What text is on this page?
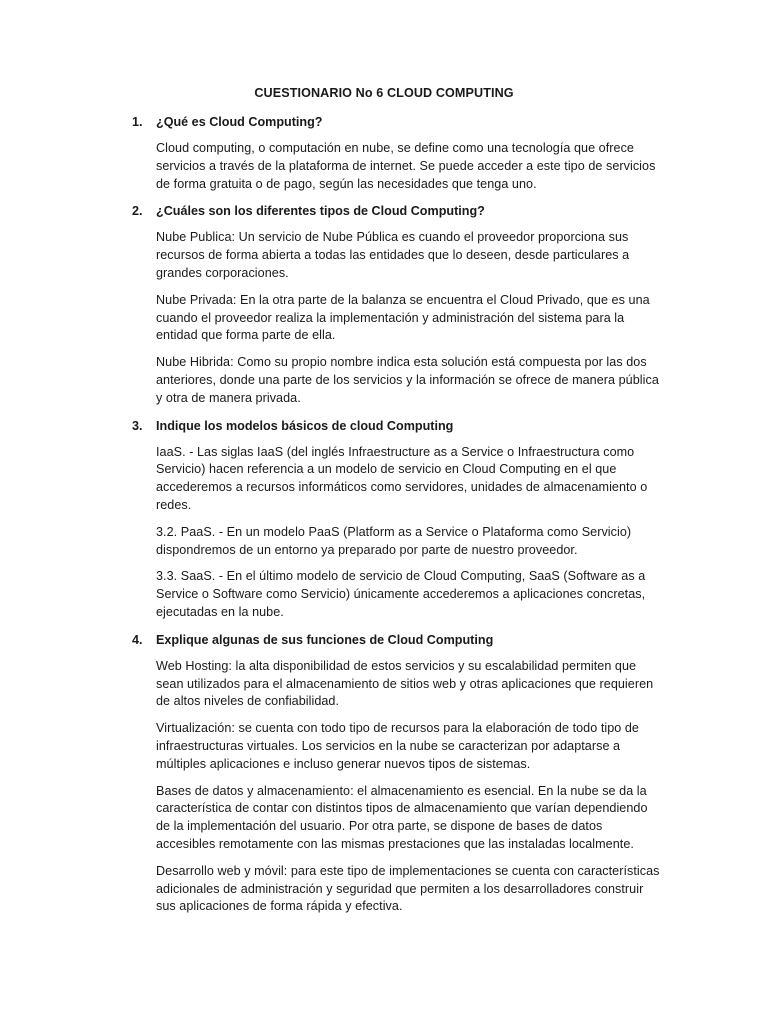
CUESTIONARIO No 6 CLOUD COMPUTING
1. ¿Qué es Cloud Computing?

Cloud computing, o computación en nube, se define como una tecnología que ofrece servicios a través de la plataforma de internet. Se puede acceder a este tipo de servicios de forma gratuita o de pago, según las necesidades que tenga uno.

2. ¿Cuáles son los diferentes tipos de Cloud Computing?

Nube Publica: Un servicio de Nube Pública es cuando el proveedor proporciona sus recursos de forma abierta a todas las entidades que lo deseen, desde particulares a grandes corporaciones.

Nube Privada: En la otra parte de la balanza se encuentra el Cloud Privado, que es una cuando el proveedor realiza la implementación y administración del sistema para la entidad que forma parte de ella.

Nube Hibrida: Como su propio nombre indica esta solución está compuesta por las dos anteriores, donde una parte de los servicios y la información se ofrece de manera pública y otra de manera privada.

3. Indique los modelos básicos de cloud Computing

IaaS. - Las siglas IaaS (del inglés Infraestructure as a Service o Infraestructura como Servicio) hacen referencia a un modelo de servicio en Cloud Computing en el que accederemos a recursos informáticos como servidores, unidades de almacenamiento o redes.

3.2. PaaS. - En un modelo PaaS (Platform as a Service o Plataforma como Servicio) dispondremos de un entorno ya preparado por parte de nuestro proveedor.

3.3. SaaS. - En el último modelo de servicio de Cloud Computing, SaaS (Software as a Service o Software como Servicio) únicamente accederemos a aplicaciones concretas, ejecutadas en la nube.

4. Explique algunas de sus funciones de Cloud Computing

Web Hosting: la alta disponibilidad de estos servicios y su escalabilidad permiten que sean utilizados para el almacenamiento de sitios web y otras aplicaciones que requieren de altos niveles de confiabilidad.

Virtualización: se cuenta con todo tipo de recursos para la elaboración de todo tipo de infraestructuras virtuales. Los servicios en la nube se caracterizan por adaptarse a múltiples aplicaciones e incluso generar nuevos tipos de sistemas.

Bases de datos y almacenamiento: el almacenamiento es esencial. En la nube se da la característica de contar con distintos tipos de almacenamiento que varían dependiendo de la implementación del usuario. Por otra parte, se dispone de bases de datos accesibles remotamente con las mismas prestaciones que las instaladas localmente.

Desarrollo web y móvil: para este tipo de implementaciones se cuenta con características adicionales de administración y seguridad que permiten a los desarrolladores construir sus aplicaciones de forma rápida y efectiva.
